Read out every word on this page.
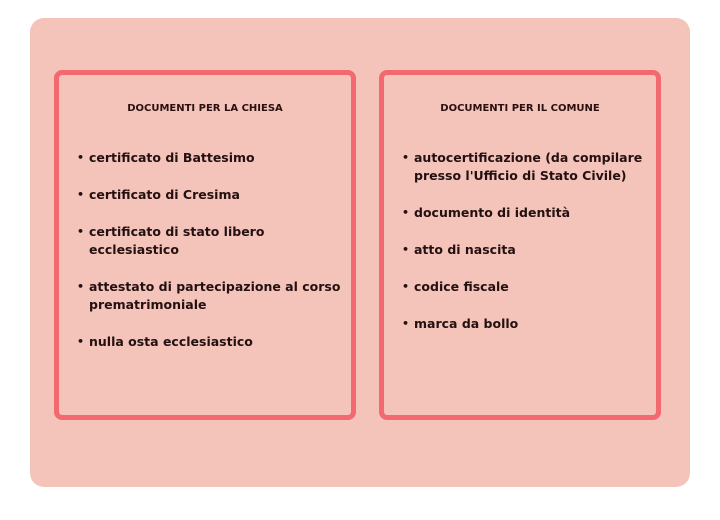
DOCUMENTI PER LA CHIESA
• certificato di Battesimo
• certificato di Cresima
• certificato di stato libero ecclesiastico
• attestato di partecipazione al corso prematrimoniale
• nulla osta ecclesiastico
DOCUMENTI PER IL COMUNE
• autocertificazione (da compilare presso l'Ufficio di Stato Civile)
• documento di identità
• atto di nascita
• codice fiscale
• marca da bollo
